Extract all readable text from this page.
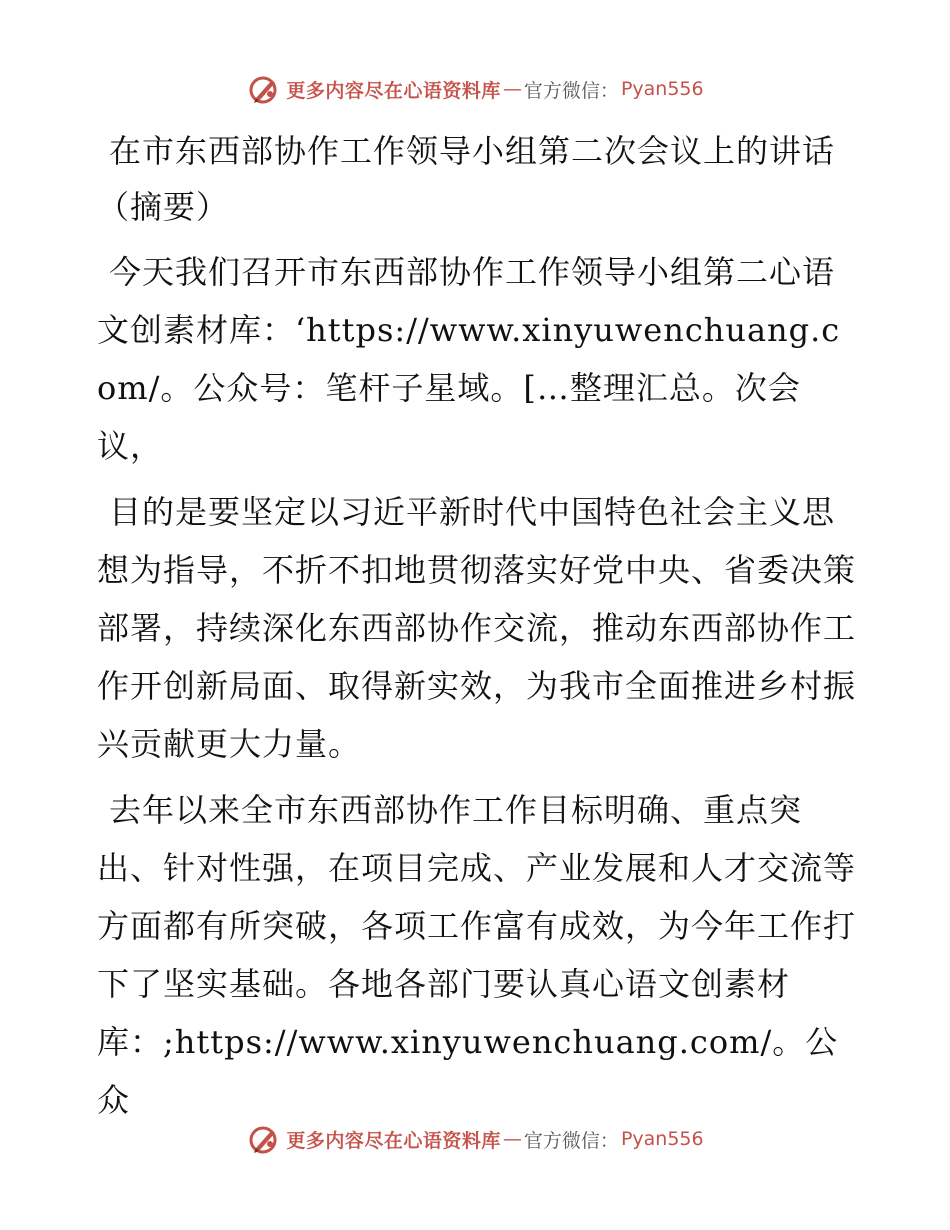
更多内容尽在心语资料库 — 官方微信： Pyan556

在市东西部协作工作领导小组第二次会议上的讲话（摘要）

今天我们召开市东西部协作工作领导小组第二心语文创素材库：‘https://www.xinyuwenchuang.com/。公众号：笔杆子星域。[…整理汇总。次会议，

目的是要坚定以习近平新时代中国特色社会主义思想为指导，不折不扣地贯彻落实好党中央、省委决策部署，持续深化东西部协作交流，推动东西部协作工作开创新局面、取得新实效，为我市全面推进乡村振兴贡献更大力量。

去年以来全市东西部协作工作目标明确、重点突出、针对性强，在项目完成、产业发展和人才交流等方面都有所突破，各项工作富有成效，为今年工作打下了坚实基础。各地各部门要认真心语文创素材库：;https://www.xinyuwenchuang.com/。公众

更多内容尽在心语资料库 — 官方微信： Pyan556
